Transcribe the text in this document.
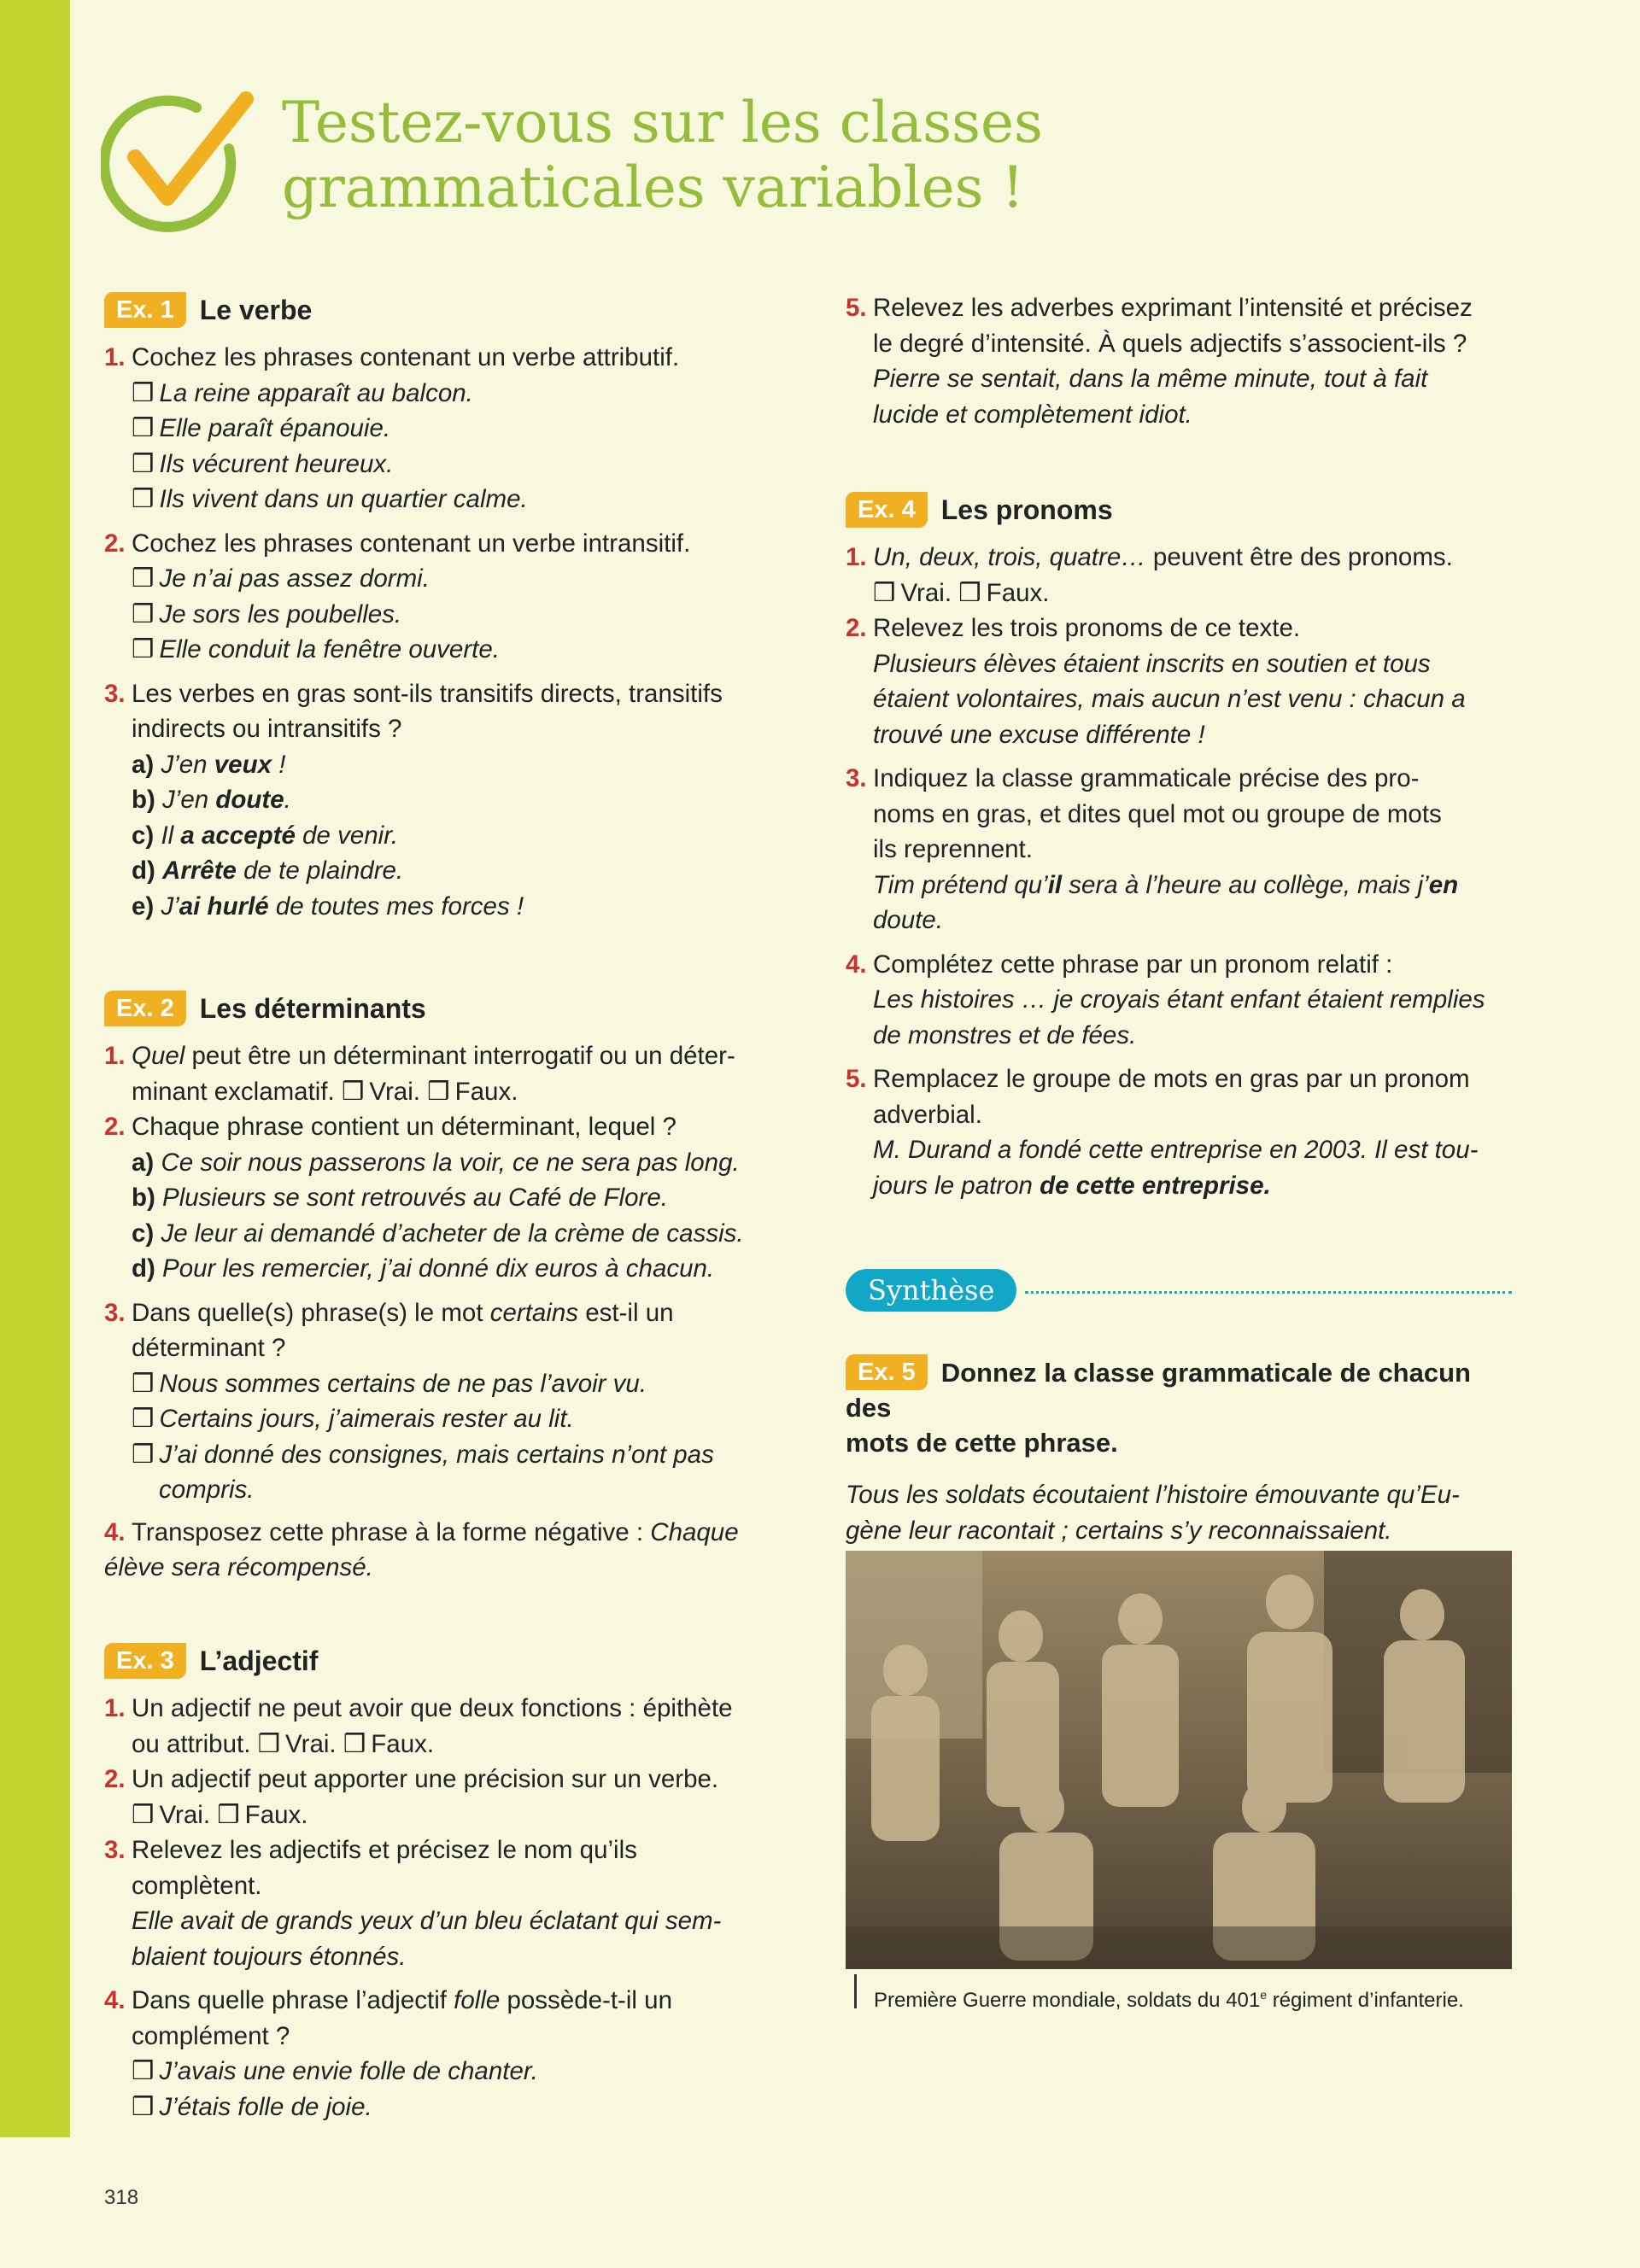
Testez-vous sur les classes
grammaticales variables !
Ex. 1 Le verbe
1. Cochez les phrases contenant un verbe attributif.
❒ La reine apparaît au balcon.
❒ Elle paraît épanouie.
❒ Ils vécurent heureux.
❒ Ils vivent dans un quartier calme.
2. Cochez les phrases contenant un verbe intransitif.
❒ Je n’ai pas assez dormi.
❒ Je sors les poubelles.
❒ Elle conduit la fenêtre ouverte.
3. Les verbes en gras sont-ils transitifs directs, transitifs
indirects ou intransitifs ?
a) J’en veux !
b) J’en doute.
c) Il a accepté de venir.
d) Arrête de te plaindre.
e) J’ai hurlé de toutes mes forces !
Ex. 2 Les déterminants
1. Quel peut être un déterminant interrogatif ou un déter-
minant exclamatif. ❒ Vrai. ❒ Faux.
2. Chaque phrase contient un déterminant, lequel ?
a) Ce soir nous passerons la voir, ce ne sera pas long.
b) Plusieurs se sont retrouvés au Café de Flore.
c) Je leur ai demandé d’acheter de la crème de cassis.
d) Pour les remercier, j’ai donné dix euros à chacun.
3. Dans quelle(s) phrase(s) le mot certains est-il un
déterminant ?
❒ Nous sommes certains de ne pas l’avoir vu.
❒ Certains jours, j’aimerais rester au lit.
❒ J’ai donné des consignes, mais certains n’ont pas
compris.
4. Transposez cette phrase à la forme négative : Chaque
élève sera récompensé.
Ex. 3 L’adjectif
1. Un adjectif ne peut avoir que deux fonctions : épithète
ou attribut. ❒ Vrai. ❒ Faux.
2. Un adjectif peut apporter une précision sur un verbe.
❒ Vrai. ❒ Faux.
3. Relevez les adjectifs et précisez le nom qu’ils
complètent.
Elle avait de grands yeux d’un bleu éclatant qui sem-
blaient toujours étonnés.
4. Dans quelle phrase l’adjectif folle possède-t-il un
complément ?
❒ J’avais une envie folle de chanter.
❒ J’étais folle de joie.
5. Relevez les adverbes exprimant l’intensité et précisez
le degré d’intensité. À quels adjectifs s’associent-ils ?
Pierre se sentait, dans la même minute, tout à fait
lucide et complètement idiot.
Ex. 4 Les pronoms
1. Un, deux, trois, quatre… peuvent être des pronoms.
❒ Vrai. ❒ Faux.
2. Relevez les trois pronoms de ce texte.
Plusieurs élèves étaient inscrits en soutien et tous
étaient volontaires, mais aucun n’est venu : chacun a
trouvé une excuse différente !
3. Indiquez la classe grammaticale précise des pro-
noms en gras, et dites quel mot ou groupe de mots
ils reprennent.
Tim prétend qu’il sera à l’heure au collège, mais j’en
doute.
4. Complétez cette phrase par un pronom relatif :
Les histoires … je croyais étant enfant étaient remplies
de monstres et de fées.
5. Remplacez le groupe de mots en gras par un pronom
adverbial.
M. Durand a fondé cette entreprise en 2003. Il est tou-
jours le patron de cette entreprise.
Synthèse
Ex. 5 Donnez la classe grammaticale de chacun des
mots de cette phrase.
Tous les soldats écoutaient l’histoire émouvante qu’Eu-
gène leur racontait ; certains s’y reconnaissaient.
Première Guerre mondiale, soldats du 401e régiment d’infanterie.
318
